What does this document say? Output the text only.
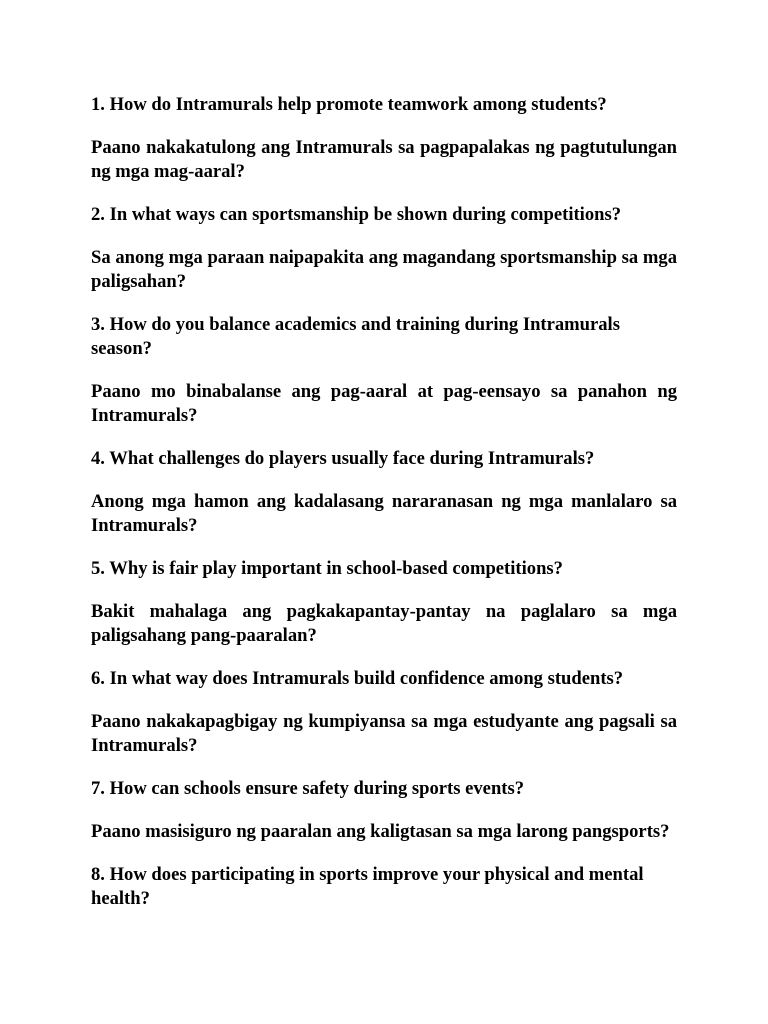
1. How do Intramurals help promote teamwork among students?

Paano nakakatulong ang Intramurals sa pagpapalakas ng pagtutulungan ng mga mag-aaral?

2. In what ways can sportsmanship be shown during competitions?

Sa anong mga paraan naipapakita ang magandang sportsmanship sa mga paligsahan?

3. How do you balance academics and training during Intramurals season?

Paano mo binabalanse ang pag-aaral at pag-eensayo sa panahon ng Intramurals?

4. What challenges do players usually face during Intramurals?

Anong mga hamon ang kadalasang nararanasan ng mga manlalaro sa Intramurals?

5. Why is fair play important in school-based competitions?

Bakit mahalaga ang pagkakapantay-pantay na paglalaro sa mga paligsahang pang-paaralan?

6. In what way does Intramurals build confidence among students?

Paano nakakapagbigay ng kumpiyansa sa mga estudyante ang pagsali sa Intramurals?

7. How can schools ensure safety during sports events?

Paano masisiguro ng paaralan ang kaligtasan sa mga larong pangsports?

8. How does participating in sports improve your physical and mental health?
